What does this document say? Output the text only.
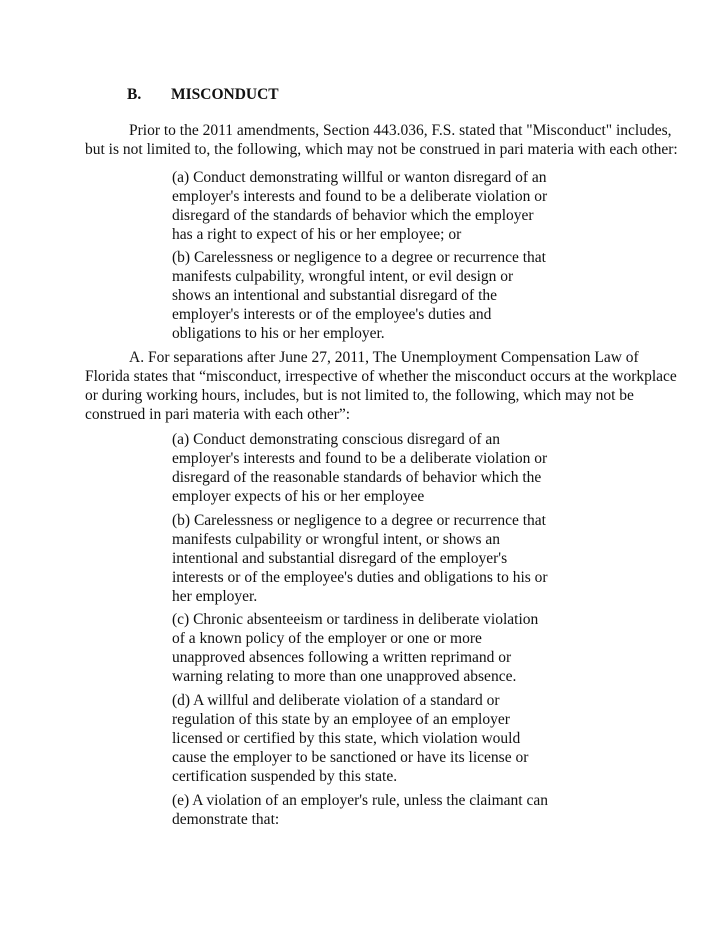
B. MISCONDUCT
Prior to the 2011 amendments, Section 443.036, F.S. stated that "Misconduct" includes,
but is not limited to, the following, which may not be construed in pari materia with each other:
(a) Conduct demonstrating willful or wanton disregard of an
employer's interests and found to be a deliberate violation or
disregard of the standards of behavior which the employer
has a right to expect of his or her employee; or
(b) Carelessness or negligence to a degree or recurrence that
manifests culpability, wrongful intent, or evil design or
shows an intentional and substantial disregard of the
employer's interests or of the employee's duties and
obligations to his or her employer.
A. For separations after June 27, 2011, The Unemployment Compensation Law of
Florida states that “misconduct, irrespective of whether the misconduct occurs at the workplace
or during working hours, includes, but is not limited to, the following, which may not be
construed in pari materia with each other”:
(a) Conduct demonstrating conscious disregard of an
employer's interests and found to be a deliberate violation or
disregard of the reasonable standards of behavior which the
employer expects of his or her employee
(b) Carelessness or negligence to a degree or recurrence that
manifests culpability or wrongful intent, or shows an
intentional and substantial disregard of the employer's
interests or of the employee's duties and obligations to his or
her employer.
(c) Chronic absenteeism or tardiness in deliberate violation
of a known policy of the employer or one or more
unapproved absences following a written reprimand or
warning relating to more than one unapproved absence.
(d) A willful and deliberate violation of a standard or
regulation of this state by an employee of an employer
licensed or certified by this state, which violation would
cause the employer to be sanctioned or have its license or
certification suspended by this state.
(e) A violation of an employer's rule, unless the claimant can
demonstrate that:
